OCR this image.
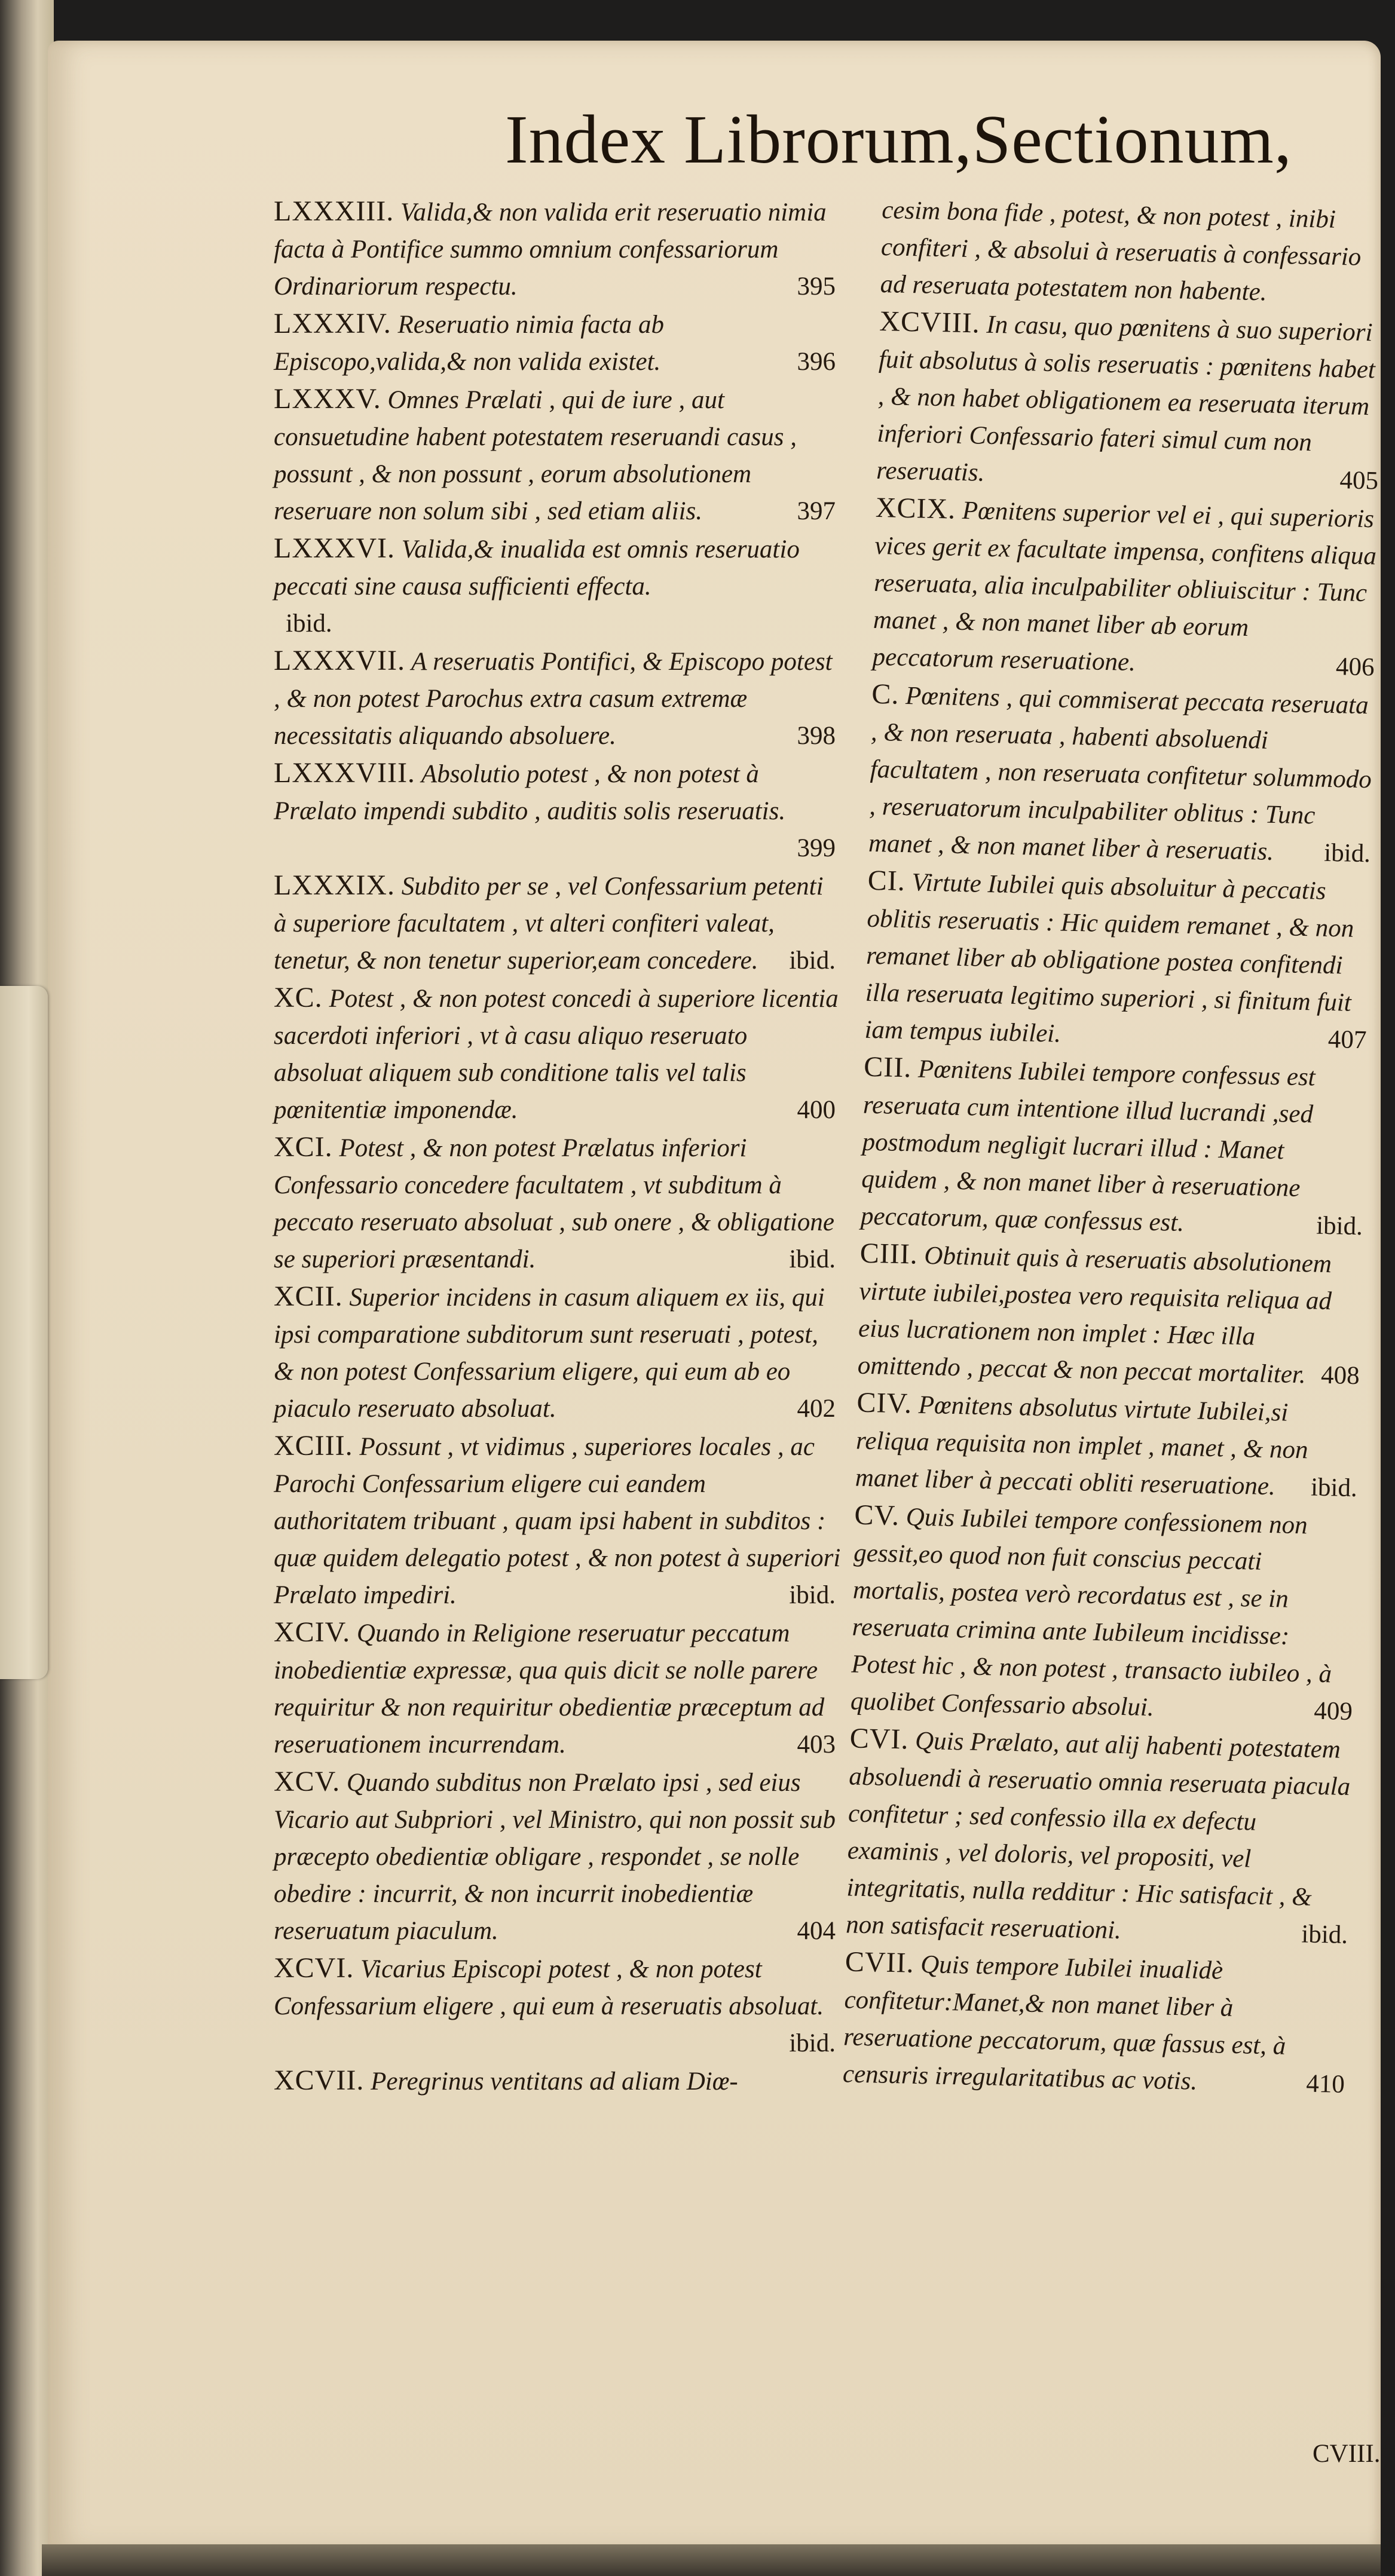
Index Librorum,Sectionum,

LXXXIII. Valida,& non valida erit reseruatio nimia facta à Pontifice summo omnium confessariorum Ordinariorum respectu.	395

LXXXIV. Reseruatio nimia facta ab Episcopo,valida,& non valida existet.	396

LXXXV. Omnes Prælati , qui de iure , aut consuetudine habent potestatem reseruandi casus , possunt , & non possunt , eorum absolutionem reseruare non solum sibi , sed etiam aliis.	397

LXXXVI. Valida,& inualida est omnis reseruatio peccati sine causa sufficienti effecta.
ibid.

LXXXVII. A reseruatis Pontifici, & Episcopo potest , & non potest Parochus extra casum extremæ necessitatis aliquando absoluere.	398

LXXXVIII. Absolutio potest , & non potest à Prælato impendi subdito , auditis solis reseruatis.
399

LXXXIX. Subdito per se , vel Confessarium petenti à superiore facultatem , vt alteri confiteri valeat, tenetur, & non tenetur superior,eam concedere. ibid.

XC. Potest , & non potest concedi à superiore licentia sacerdoti inferiori , vt à casu aliquo reseruato absoluat aliquem sub conditione talis vel talis pœnitentiæ imponendæ.	400

XCI. Potest , & non potest Prælatus inferiori Confessario concedere facultatem , vt subditum à peccato reseruato absoluat , sub onere , & obligatione se superiori præsentandi.	ibid.

XCII. Superior incidens in casum aliquem ex iis, qui ipsi comparatione subditorum sunt reseruati , potest, & non potest Confessarium eligere, qui eum ab eo piaculo reseruato absoluat.	402

XCIII. Possunt , vt vidimus , superiores locales , ac Parochi Confessarium eligere cui eandem authoritatem tribuant , quam ipsi habent in subditos : quæ quidem delegatio potest , & non potest à superiori Prælato impediri.	ibid.

XCIV. Quando in Religione reseruatur peccatum inobedientiæ expressæ, qua quis dicit se nolle parere requiritur & non requiritur obedientiæ præceptum ad reseruationem incurrendam.	403

XCV. Quando subditus non Prælato ipsi , sed eius Vicario aut Subpriori , vel Ministro, qui non possit sub præcepto obedientiæ obligare , respondet , se nolle obedire : incurrit, & non incurrit inobedientiæ reseruatum piaculum.	404

XCVI. Vicarius Episcopi potest , & non potest Confessarium eligere , qui eum à reseruatis absoluat.
ibid.

XCVII. Peregrinus ventitans ad aliam Diœ-

cesim bona fide , potest, & non potest , inibi confiteri , & absolui à reseruatis à confessario ad reseruata potestatem non habente.

XCVIII. In casu, quo pœnitens à suo superiori fuit absolutus à solis reseruatis : pœnitens habet , & non habet obligationem ea reseruata iterum inferiori Confessario fateri simul cum non reseruatis.	405

XCIX. Pœnitens superior vel ei , qui superioris vices gerit ex facultate impensa, confitens aliqua reseruata, alia inculpabiliter obliuiscitur : Tunc manet , & non manet liber ab eorum peccatorum reseruatione.	406

C. Pœnitens , qui commiserat peccata reseruata , & non reseruata , habenti absoluendi facultatem , non reseruata confitetur solummodo , reseruatorum inculpabiliter oblitus : Tunc manet , & non manet liber à reseruatis. ibid.

CI. Virtute Iubilei quis absoluitur à peccatis oblitis reseruatis : Hic quidem remanet , & non remanet liber ab obligatione postea confitendi illa reseruata legitimo superiori , si finitum fuit iam tempus iubilei.	407

CII. Pœnitens Iubilei tempore confessus est reseruata cum intentione illud lucrandi ,sed postmodum negligit lucrari illud : Manet quidem , & non manet liber à reseruatione peccatorum, quæ confessus est.	ibid.

CIII. Obtinuit quis à reseruatis absolutionem virtute iubilei,postea vero requisita reliqua ad eius lucrationem non implet : Hæc illa omittendo , peccat & non peccat mortaliter. 408

CIV. Pœnitens absolutus virtute Iubilei,si reliqua requisita non implet , manet , & non manet liber à peccati obliti reseruatione. ibid.

CV. Quis Iubilei tempore confessionem non gessit,eo quod non fuit conscius peccati mortalis, postea verò recordatus est , se in reseruata crimina ante Iubileum incidisse: Potest hic , & non potest , transacto iubileo , à quolibet Confessario absolui.	409

CVI. Quis Prælato, aut alij habenti potestatem absoluendi à reseruatio omnia reseruata piacula confitetur ; sed confessio illa ex defectu examinis , vel doloris, vel propositi, vel integritatis, nulla redditur : Hic satisfacit , & non satisfacit reseruationi.	ibid.

CVII. Quis tempore Iubilei inualidè confitetur:Manet,& non manet liber à reseruatione peccatorum, quæ fassus est, à censuris irregularitatibus ac votis.	410

CVIII.
